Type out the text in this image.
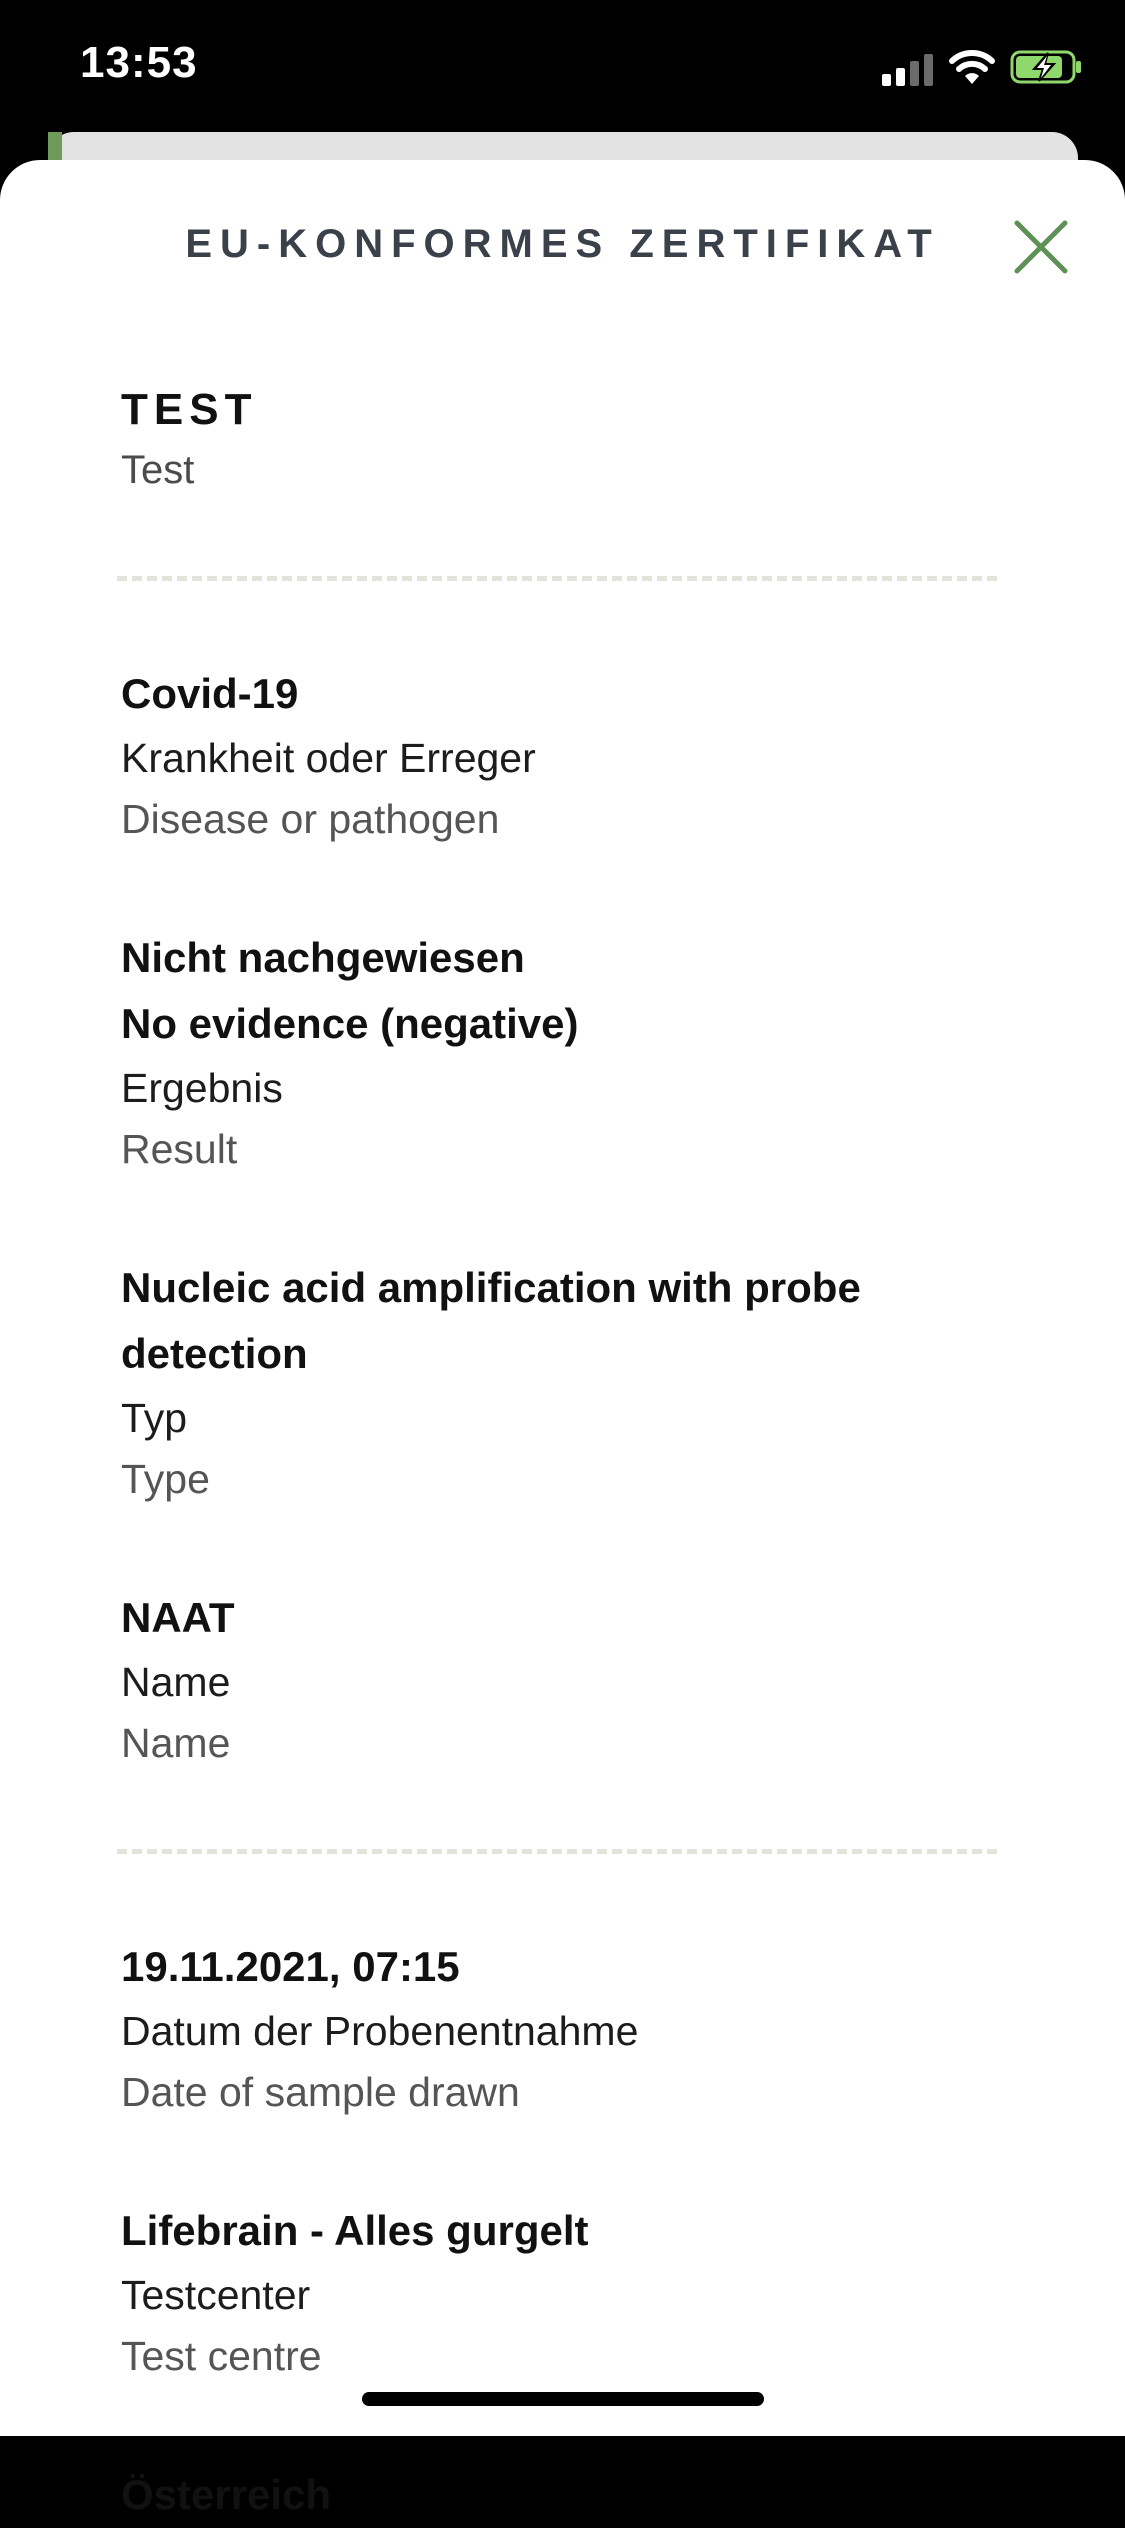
13:53
EU-KONFORMES ZERTIFIKAT
TEST
Test
Covid-19
Krankheit oder Erreger
Disease or pathogen
Nicht nachgewiesen
No evidence (negative)
Ergebnis
Result
Nucleic acid amplification with probe detection
Typ
Type
NAAT
Name
Name
19.11.2021, 07:15
Datum der Probenentnahme
Date of sample drawn
Lifebrain - Alles gurgelt
Testcenter
Test centre
Österreich
